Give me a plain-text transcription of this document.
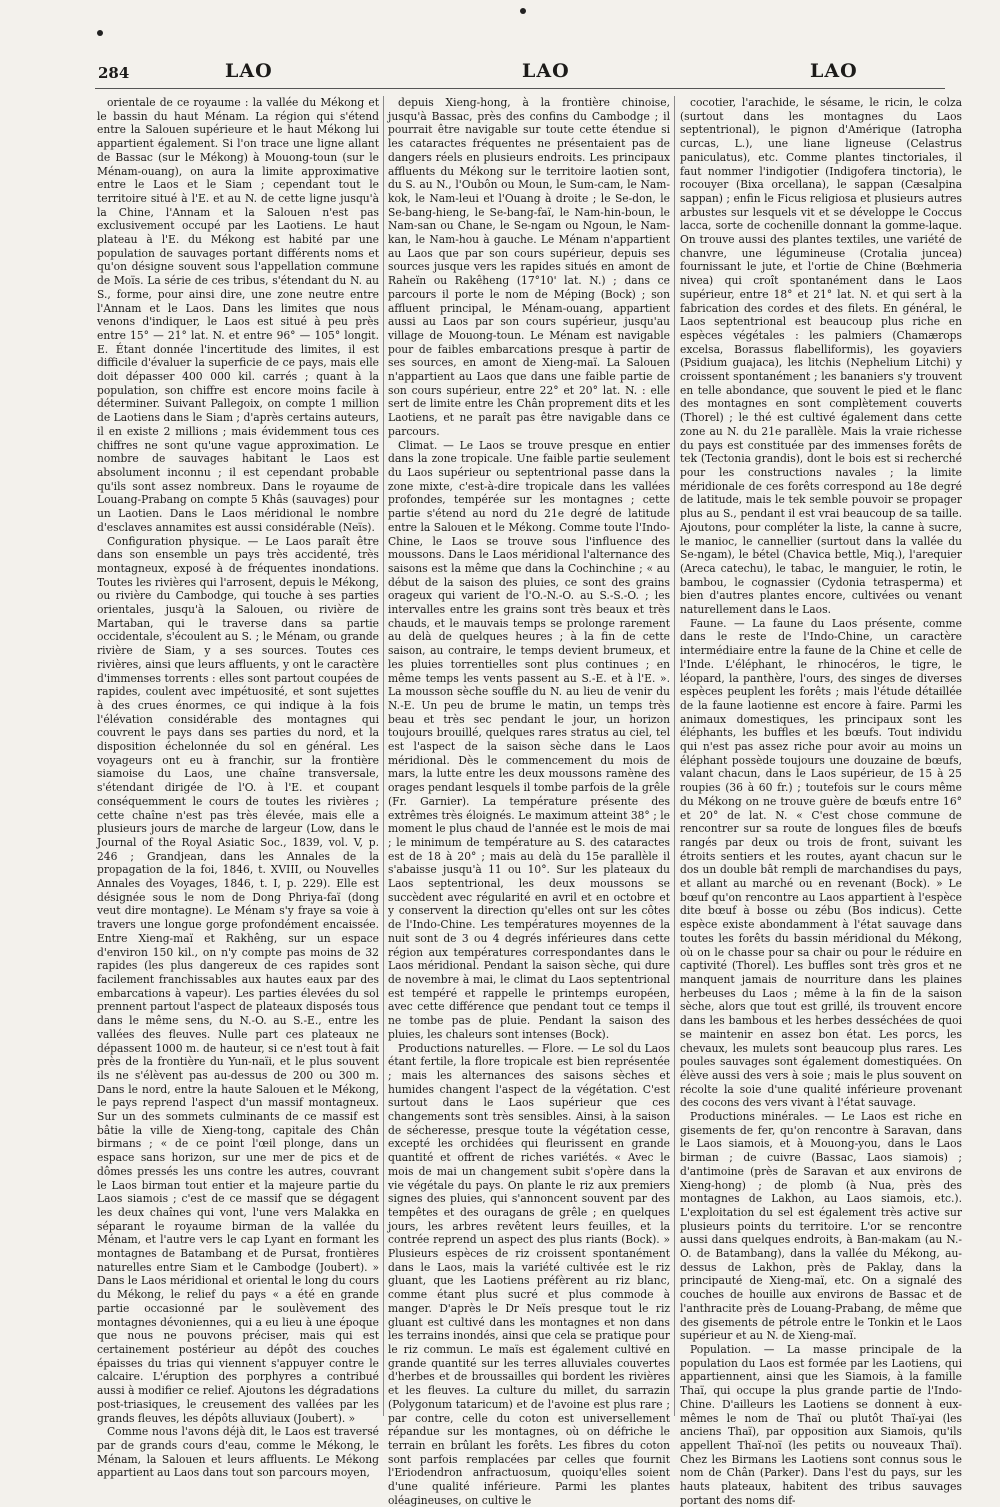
284	LAO	LAO	LAO

orientale de ce royaume : la vallée du Mékong et le bassin du haut Ménam. La région qui s'étend entre la Salouen supérieure et le haut Mékong lui appartient également. Si l'on trace une ligne allant de Bassac (sur le Mékong) à Mouong-toun (sur le Ménam-ouang), on aura la limite approximative entre le Laos et le Siam ; cependant tout le territoire situé à l'E. et au N. de cette ligne jusqu'à la Chine, l'Annam et la Salouen n'est pas exclusivement occupé par les Laotiens. Le haut plateau à l'E. du Mékong est habité par une population de sauvages portant différents noms et qu'on désigne souvent sous l'appellation commune de Moïs. La série de ces tribus, s'étendant du N. au S., forme, pour ainsi dire, une zone neutre entre l'Annam et le Laos. Dans les limites que nous venons d'indiquer, le Laos est situé à peu près entre 15° — 21° lat. N. et entre 96° — 105° longit. E. Étant donnée l'incertitude des limites, il est difficile d'évaluer la superficie de ce pays, mais elle doit dépasser 400 000 kil. carrés ; quant à la population, son chiffre est encore moins facile à déterminer. Suivant Pallegoix, on compte 1 million de Laotiens dans le Siam ; d'après certains auteurs, il en existe 2 millions ; mais évidemment tous ces chiffres ne sont qu'une vague approximation. Le nombre de sauvages habitant le Laos est absolument inconnu ; il est cependant probable qu'ils sont assez nombreux. Dans le royaume de Louang-Prabang on compte 5 Khâs (sauvages) pour un Laotien. Dans le Laos méridional le nombre d'esclaves annamites est aussi considérable (Neïs).

Configuration physique. — Le Laos paraît être dans son ensemble un pays très accidenté, très montagneux, exposé à de fréquentes inondations. Toutes les rivières qui l'arrosent, depuis le Mékong, ou rivière du Cambodge, qui touche à ses parties orientales, jusqu'à la Salouen, ou rivière de Martaban, qui le traverse dans sa partie occidentale, s'écoulent au S. ; le Ménam, ou grande rivière de Siam, y a ses sources. Toutes ces rivières, ainsi que leurs affluents, y ont le caractère d'immenses torrents : elles sont partout coupées de rapides, coulent avec impétuosité, et sont sujettes à des crues énormes, ce qui indique à la fois l'élévation considérable des montagnes qui couvrent le pays dans ses parties du nord, et la disposition échelonnée du sol en général. Les voyageurs ont eu à franchir, sur la frontière siamoise du Laos, une chaîne transversale, s'étendant dirigée de l'O. à l'E. et coupant conséquemment le cours de toutes les rivières ; cette chaîne n'est pas très élevée, mais elle a plusieurs jours de marche de largeur (Low, dans le Journal of the Royal Asiatic Soc., 1839, vol. V, p. 246 ; Grandjean, dans les Annales de la propagation de la foi, 1846, t. XVIII, ou Nouvelles Annales des Voyages, 1846, t. I, p. 229). Elle est désignée sous le nom de Dong Phriya-faï (dong veut dire montagne). Le Ménam s'y fraye sa voie à travers une longue gorge profondément encaissée. Entre Xieng-maï et Rakhêng, sur un espace d'environ 150 kil., on n'y compte pas moins de 32 rapides (les plus dangereux de ces rapides sont facilement franchissables aux hautes eaux par des embarcations à vapeur). Les parties élevées du sol prennent partout l'aspect de plateaux disposés tous dans le même sens, du N.-O. au S.-E., entre les vallées des fleuves. Nulle part ces plateaux ne dépassent 1000 m. de hauteur, si ce n'est tout à fait près de la frontière du Yun-naïi, et le plus souvent ils ne s'élèvent pas au-dessus de 200 ou 300 m. Dans le nord, entre la haute Salouen et le Mékong, le pays reprend l'aspect d'un massif montagneux. Sur un des sommets culminants de ce massif est bâtie la ville de Xieng-tong, capitale des Chân birmans ; « de ce point l'œil plonge, dans un espace sans horizon, sur une mer de pics et de dômes pressés les uns contre les autres, couvrant le Laos birman tout entier et la majeure partie du Laos siamois ; c'est de ce massif que se dégagent les deux chaînes qui vont, l'une vers Malakka en séparant le royaume birman de la vallée du Ménam, et l'autre vers le cap Lyant en formant les montagnes de Batambang et de Pursat, frontières naturelles entre Siam et le Cambodge (Joubert). » Dans le Laos méridional et oriental le long du cours du Mékong, le relief du pays « a été en grande partie occasionné par le soulèvement des montagnes dévoniennes, qui a eu lieu à une époque que nous ne pouvons préciser, mais qui est certainement postérieur au dépôt des couches épaisses du trias qui viennent s'appuyer contre le calcaire. L'éruption des porphyres a contribué aussi à modifier ce relief. Ajoutons les dégradations post-triasiques, le creusement des vallées par les grands fleuves, les dépôts alluviaux (Joubert). »

Comme nous l'avons déjà dit, le Laos est traversé par de grands cours d'eau, comme le Mékong, le Ménam, la Salouen et leurs affluents. Le Mékong appartient au Laos dans tout son parcours moyen,

depuis Xieng-hong, à la frontière chinoise, jusqu'à Bassac, près des confins du Cambodge ; il pourrait être navigable sur toute cette étendue si les cataractes fréquentes ne présentaient pas de dangers réels en plusieurs endroits. Les principaux affluents du Mékong sur le territoire laotien sont, du S. au N., l'Oubôn ou Moun, le Sum-cam, le Nam-kok, le Nam-leui et l'Ouang à droite ; le Se-don, le Se-bang-hieng, le Se-bang-faï, le Nam-hin-boun, le Nam-san ou Chane, le Se-ngam ou Ngoun, le Nam-kan, le Nam-hou à gauche. Le Ménam n'appartient au Laos que par son cours supérieur, depuis ses sources jusque vers les rapides situés en amont de Raheïn ou Rakêheng (17°10' lat. N.) ; dans ce parcours il porte le nom de Méping (Bock) ; son affluent principal, le Ménam-ouang, appartient aussi au Laos par son cours supérieur, jusqu'au village de Mouong-toun. Le Ménam est navigable pour de faibles embarcations presque à partir de ses sources, en amont de Xieng-maï. La Salouen n'appartient au Laos que dans une faible partie de son cours supérieur, entre 22° et 20° lat. N. : elle sert de limite entre les Chân proprement dits et les Laotiens, et ne paraît pas être navigable dans ce parcours.

Climat. — Le Laos se trouve presque en entier dans la zone tropicale. Une faible partie seulement du Laos supérieur ou septentrional passe dans la zone mixte, c'est-à-dire tropicale dans les vallées profondes, tempérée sur les montagnes ; cette partie s'étend au nord du 21e degré de latitude entre la Salouen et le Mékong. Comme toute l'Indo-Chine, le Laos se trouve sous l'influence des moussons. Dans le Laos méridional l'alternance des saisons est la même que dans la Cochinchine ; « au début de la saison des pluies, ce sont des grains orageux qui varient de l'O.-N.-O. au S.-S.-O. ; les intervalles entre les grains sont très beaux et très chauds, et le mauvais temps se prolonge rarement au delà de quelques heures ; à la fin de cette saison, au contraire, le temps devient brumeux, et les pluies torrentielles sont plus continues ; en même temps les vents passent au S.-E. et à l'E. ». La mousson sèche souffle du N. au lieu de venir du N.-E. Un peu de brume le matin, un temps très beau et très sec pendant le jour, un horizon toujours brouillé, quelques rares stratus au ciel, tel est l'aspect de la saison sèche dans le Laos méridional. Dès le commencement du mois de mars, la lutte entre les deux moussons ramène des orages pendant lesquels il tombe parfois de la grêle (Fr. Garnier). La température présente des extrêmes très éloignés. Le maximum atteint 38° ; le moment le plus chaud de l'année est le mois de mai ; le minimum de température au S. des cataractes est de 18 à 20° ; mais au delà du 15e parallèle il s'abaisse jusqu'à 11 ou 10°. Sur les plateaux du Laos septentrional, les deux moussons se succèdent avec régularité en avril et en octobre et y conservent la direction qu'elles ont sur les côtes de l'Indo-Chine. Les températures moyennes de la nuit sont de 3 ou 4 degrés inférieures dans cette région aux températures correspondantes dans le Laos méridional. Pendant la saison sèche, qui dure de novembre à mai, le climat du Laos septentrional est tempéré et rappelle le printemps européen, avec cette différence que pendant tout ce temps il ne tombe pas de pluie. Pendant la saison des pluies, les chaleurs sont intenses (Bock).

Productions naturelles. — Flore. — Le sol du Laos étant fertile, la flore tropicale est bien représentée ; mais les alternances des saisons sèches et humides changent l'aspect de la végétation. C'est surtout dans le Laos supérieur que ces changements sont très sensibles. Ainsi, à la saison de sécheresse, presque toute la végétation cesse, excepté les orchidées qui fleurissent en grande quantité et offrent de riches variétés. « Avec le mois de mai un changement subit s'opère dans la vie végétale du pays. On plante le riz aux premiers signes des pluies, qui s'annoncent souvent par des tempêtes et des ouragans de grêle ; en quelques jours, les arbres revêtent leurs feuilles, et la contrée reprend un aspect des plus riants (Bock). » Plusieurs espèces de riz croissent spontanément dans le Laos, mais la variété cultivée est le riz gluant, que les Laotiens préfèrent au riz blanc, comme étant plus sucré et plus commode à manger. D'après le Dr Neïs presque tout le riz gluant est cultivé dans les montagnes et non dans les terrains inondés, ainsi que cela se pratique pour le riz commun. Le maïs est également cultivé en grande quantité sur les terres alluviales couvertes d'herbes et de broussailles qui bordent les rivières et les fleuves. La culture du millet, du sarrazin (Polygonum tataricum) et de l'avoine est plus rare ; par contre, celle du coton est universellement répandue sur les montagnes, où on défriche le terrain en brûlant les forêts. Les fibres du coton sont parfois remplacées par celles que fournit l'Eriodendron anfractuosum, quoiqu'elles soient d'une qualité inférieure. Parmi les plantes oléagineuses, on cultive le

cocotier, l'arachide, le sésame, le ricin, le colza (surtout dans les montagnes du Laos septentrional), le pignon d'Amérique (Iatropha curcas, L.), une liane ligneuse (Celastrus paniculatus), etc. Comme plantes tinctoriales, il faut nommer l'indigotier (Indigofera tinctoria), le rocouyer (Bixa orcellana), le sappan (Cæsalpina sappan) ; enfin le Ficus religiosa et plusieurs autres arbustes sur lesquels vit et se développe le Coccus lacca, sorte de cochenille donnant la gomme-laque. On trouve aussi des plantes textiles, une variété de chanvre, une légumineuse (Crotalia juncea) fournissant le jute, et l'ortie de Chine (Bœhmeria nivea) qui croît spontanément dans le Laos supérieur, entre 18° et 21° lat. N. et qui sert à la fabrication des cordes et des filets. En général, le Laos septentrional est beaucoup plus riche en espèces végétales : les palmiers (Chamærops excelsa, Borassus flabelliformis), les goyaviers (Psidium guajaca), les litchis (Nephelium Litchi) y croissent spontanément ; les bananiers s'y trouvent en telle abondance, que souvent le pied et le flanc des montagnes en sont complètement couverts (Thorel) ; le thé est cultivé également dans cette zone au N. du 21e parallèle. Mais la vraie richesse du pays est constituée par des immenses forêts de tek (Tectonia grandis), dont le bois est si recherché pour les constructions navales ; la limite méridionale de ces forêts correspond au 18e degré de latitude, mais le tek semble pouvoir se propager plus au S., pendant il est vrai beaucoup de sa taille. Ajoutons, pour compléter la liste, la canne à sucre, le manioc, le cannellier (surtout dans la vallée du Se-ngam), le bétel (Chavica bettle, Miq.), l'arequier (Areca catechu), le tabac, le manguier, le rotin, le bambou, le cognassier (Cydonia tetrasperma) et bien d'autres plantes encore, cultivées ou venant naturellement dans le Laos.

Faune. — La faune du Laos présente, comme dans le reste de l'Indo-Chine, un caractère intermédiaire entre la faune de la Chine et celle de l'Inde. L'éléphant, le rhinocéros, le tigre, le léopard, la panthère, l'ours, des singes de diverses espèces peuplent les forêts ; mais l'étude détaillée de la faune laotienne est encore à faire. Parmi les animaux domestiques, les principaux sont les éléphants, les buffles et les bœufs. Tout individu qui n'est pas assez riche pour avoir au moins un éléphant possède toujours une douzaine de bœufs, valant chacun, dans le Laos supérieur, de 15 à 25 roupies (36 à 60 fr.) ; toutefois sur le cours même du Mékong on ne trouve guère de bœufs entre 16° et 20° de lat. N. « C'est chose commune de rencontrer sur sa route de longues files de bœufs rangés par deux ou trois de front, suivant les étroits sentiers et les routes, ayant chacun sur le dos un double bât rempli de marchandises du pays, et allant au marché ou en revenant (Bock). » Le bœuf qu'on rencontre au Laos appartient à l'espèce dite bœuf à bosse ou zébu (Bos indicus). Cette espèce existe abondamment à l'état sauvage dans toutes les forêts du bassin méridional du Mékong, où on le chasse pour sa chair ou pour le réduire en captivité (Thorel). Les buffles sont très gros et ne manquent jamais de nourriture dans les plaines herbeuses du Laos ; même à la fin de la saison sèche, alors que tout est grillé, ils trouvent encore dans les bambous et les herbes desséchées de quoi se maintenir en assez bon état. Les porcs, les chevaux, les mulets sont beaucoup plus rares. Les poules sauvages sont également domestiquées. On élève aussi des vers à soie ; mais le plus souvent on récolte la soie d'une qualité inférieure provenant des cocons des vers vivant à l'état sauvage.

Productions minérales. — Le Laos est riche en gisements de fer, qu'on rencontre à Saravan, dans le Laos siamois, et à Mouong-you, dans le Laos birman ; de cuivre (Bassac, Laos siamois) ; d'antimoine (près de Saravan et aux environs de Xieng-hong) ; de plomb (à Nua, près des montagnes de Lakhon, au Laos siamois, etc.). L'exploitation du sel est également très active sur plusieurs points du territoire. L'or se rencontre aussi dans quelques endroits, à Ban-makam (au N.-O. de Batambang), dans la vallée du Mékong, au-dessus de Lakhon, près de Paklay, dans la principauté de Xieng-maï, etc. On a signalé des couches de houille aux environs de Bassac et de l'anthracite près de Louang-Prabang, de même que des gisements de pétrole entre le Tonkin et le Laos supérieur et au N. de Xieng-maï.

Population. — La masse principale de la population du Laos est formée par les Laotiens, qui appartiennent, ainsi que les Siamois, à la famille Thaï, qui occupe la plus grande partie de l'Indo-Chine. D'ailleurs les Laotiens se donnent à eux-mêmes le nom de Thaï ou plutôt Thaï-yai (les anciens Thaï), par opposition aux Siamois, qu'ils appellent Thaï-noï (les petits ou nouveaux Thaï). Chez les Birmans les Laotiens sont connus sous le nom de Chân (Parker). Dans l'est du pays, sur les hauts plateaux, habitent des tribus sauvages portant des noms dif-
